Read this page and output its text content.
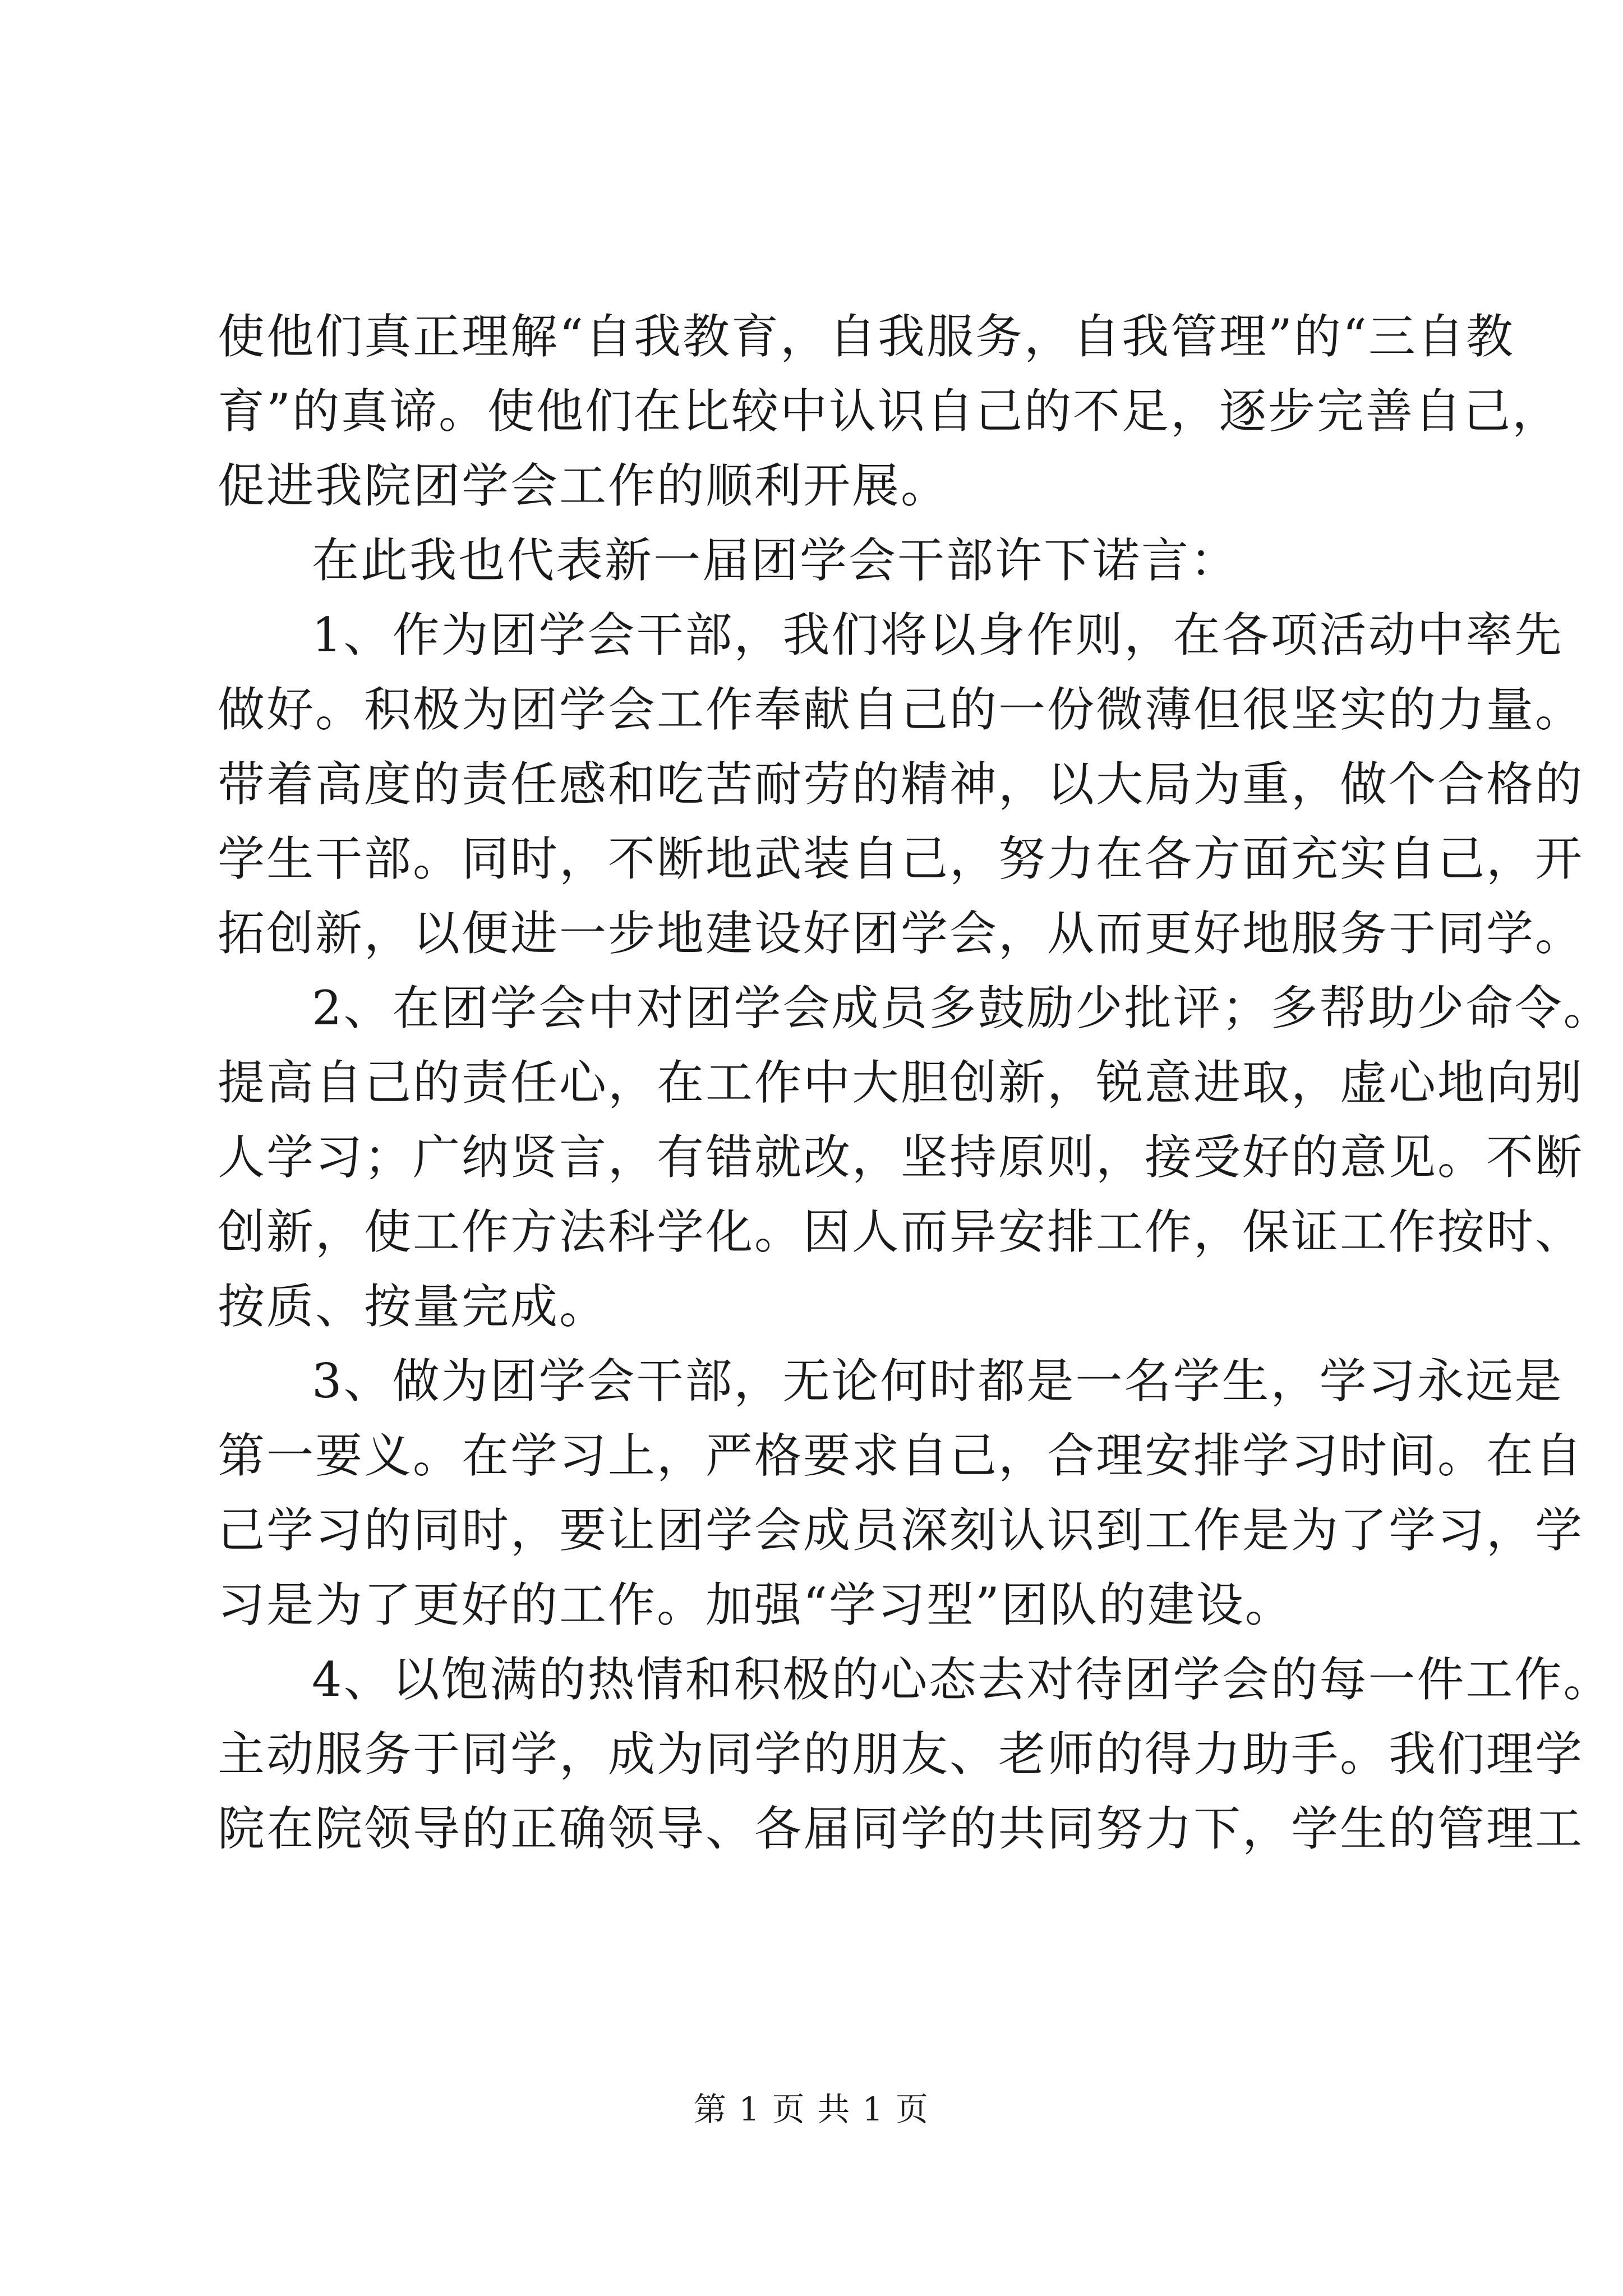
使他们真正理解“自我教育，自我服务，自我管理”的“三自教
育”的真谛。使他们在比较中认识自己的不足，逐步完善自己，
促进我院团学会工作的顺利开展。
在此我也代表新一届团学会干部许下诺言：
1、作为团学会干部，我们将以身作则，在各项活动中率先
做好。积极为团学会工作奉献自己的一份微薄但很坚实的力量。
带着高度的责任感和吃苦耐劳的精神，以大局为重，做个合格的
学生干部。同时，不断地武装自己，努力在各方面充实自己，开
拓创新，以便进一步地建设好团学会，从而更好地服务于同学。
2、在团学会中对团学会成员多鼓励少批评；多帮助少命令。
提高自己的责任心，在工作中大胆创新，锐意进取，虚心地向别
人学习；广纳贤言，有错就改，坚持原则，接受好的意见。不断
创新，使工作方法科学化。因人而异安排工作，保证工作按时、
按质、按量完成。
3、做为团学会干部，无论何时都是一名学生，学习永远是
第一要义。在学习上，严格要求自己，合理安排学习时间。在自
己学习的同时，要让团学会成员深刻认识到工作是为了学习，学
习是为了更好的工作。加强“学习型”团队的建设。
4、以饱满的热情和积极的心态去对待团学会的每一件工作。
主动服务于同学，成为同学的朋友、老师的得力助手。我们理学
院在院领导的正确领导、各届同学的共同努力下，学生的管理工
第 1 页 共 1 页
